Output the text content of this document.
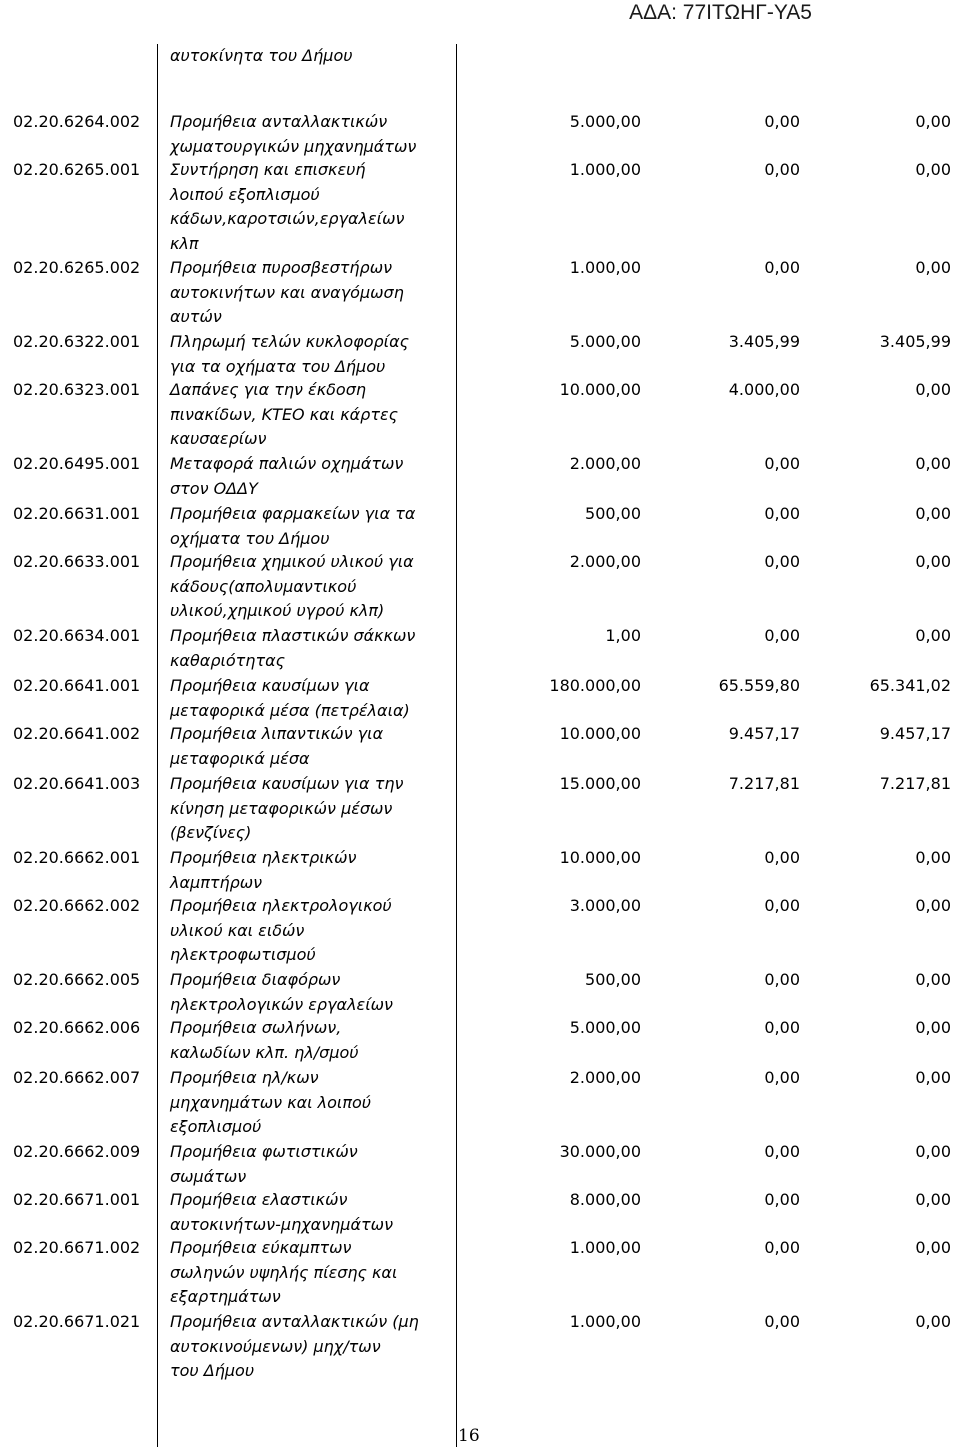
ΑΔΑ: 77ΙΤΩΗΓ-ΥΑ5
αυτοκίνητα του Δήμου
02.20.6264.002 Προμήθεια ανταλλακτικών
χωματουργικών μηχανημάτων
5.000,00	0,00	0,00
02.20.6265.001 Συντήρηση και επισκευή
λοιπού εξοπλισμού
κάδων,καροτσιών,εργαλείων
κλπ
1.000,00	0,00	0,00
02.20.6265.002 Προμήθεια πυροσβεστήρων
αυτοκινήτων και αναγόμωση
αυτών
1.000,00	0,00	0,00
02.20.6322.001 Πληρωμή τελών κυκλοφορίας
για τα οχήματα του Δήμου
5.000,00	3.405,99	3.405,99
02.20.6323.001 Δαπάνες για την έκδοση
πινακίδων, ΚΤΕΟ και κάρτες
καυσαερίων
10.000,00	4.000,00	0,00
02.20.6495.001 Μεταφορά παλιών οχημάτων
στον ΟΔΔΥ
2.000,00	0,00	0,00
02.20.6631.001 Προμήθεια φαρμακείων για τα
οχήματα του Δήμου
500,00	0,00	0,00
02.20.6633.001 Προμήθεια χημικού υλικού για
κάδους(απολυμαντικού
υλικού,χημικού υγρού κλπ)
2.000,00	0,00	0,00
02.20.6634.001 Προμήθεια πλαστικών σάκκων
καθαριότητας
1,00	0,00	0,00
02.20.6641.001 Προμήθεια καυσίμων για
μεταφορικά μέσα (πετρέλαια)
180.000,00	65.559,80	65.341,02
02.20.6641.002 Προμήθεια λιπαντικών για
μεταφορικά μέσα
10.000,00	9.457,17	9.457,17
02.20.6641.003 Προμήθεια καυσίμων για την
κίνηση μεταφορικών μέσων
(βενζίνες)
15.000,00	7.217,81	7.217,81
02.20.6662.001 Προμήθεια ηλεκτρικών
λαμπτήρων
10.000,00	0,00	0,00
02.20.6662.002 Προμήθεια ηλεκτρολογικού
υλικού και ειδών
ηλεκτροφωτισμού
3.000,00	0,00	0,00
02.20.6662.005 Προμήθεια διαφόρων
ηλεκτρολογικών εργαλείων
500,00	0,00	0,00
02.20.6662.006 Προμήθεια σωλήνων,
καλωδίων κλπ. ηλ/σμού
5.000,00	0,00	0,00
02.20.6662.007 Προμήθεια ηλ/κων
μηχανημάτων και λοιπού
εξοπλισμού
2.000,00	0,00	0,00
02.20.6662.009 Προμήθεια φωτιστικών
σωμάτων
30.000,00	0,00	0,00
02.20.6671.001 Προμήθεια ελαστικών
αυτοκινήτων-μηχανημάτων
8.000,00	0,00	0,00
02.20.6671.002 Προμήθεια εύκαμπτων
σωληνών υψηλής πίεσης και
εξαρτημάτων
1.000,00	0,00	0,00
02.20.6671.021 Προμήθεια ανταλλακτικών (μη
αυτοκινούμενων) μηχ/των
του Δήμου
1.000,00	0,00	0,00
16
